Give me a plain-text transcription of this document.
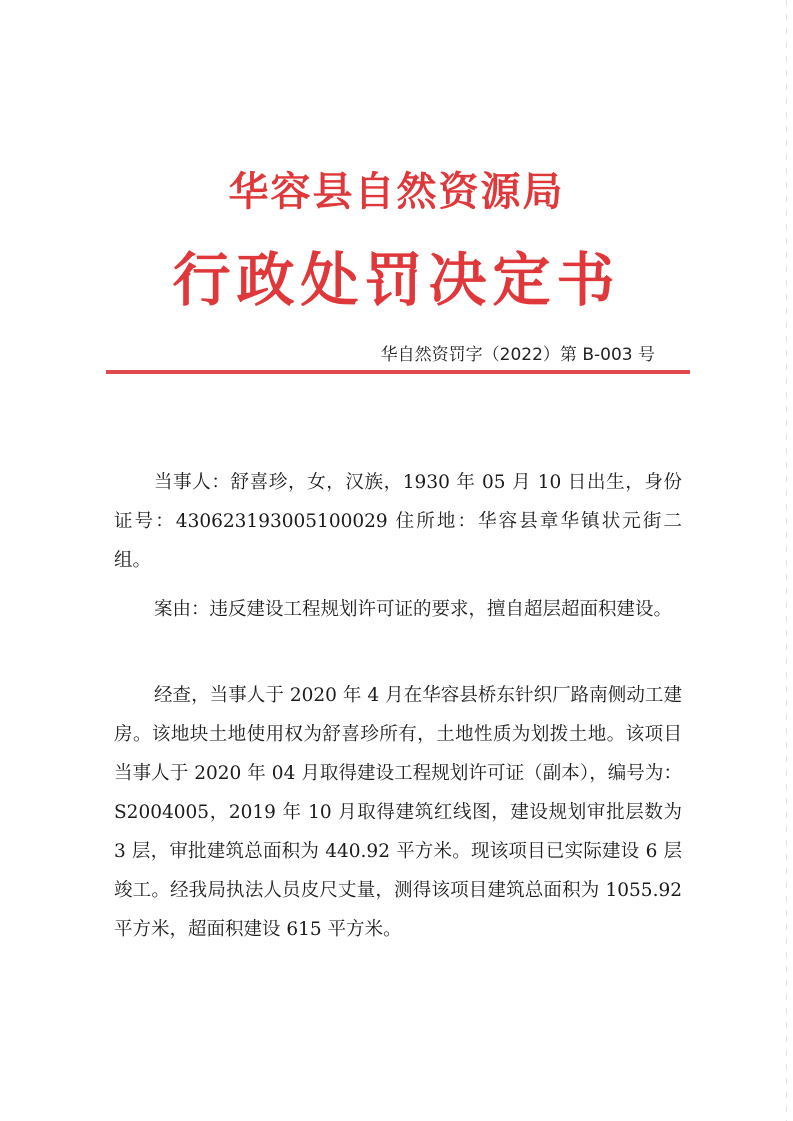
华容县自然资源局
行政处罚决定书
华自然资罚字（2022）第 B-003 号

当事人：舒喜珍，女，汉族，1930 年 05 月 10 日出生，身份证号：430623193005100029 住所地：华容县章华镇状元街二组。

案由：违反建设工程规划许可证的要求，擅自超层超面积建设。

经查，当事人于 2020 年 4 月在华容县桥东针织厂路南侧动工建房。该地块土地使用权为舒喜珍所有，土地性质为划拨土地。该项目当事人于 2020 年 04 月取得建设工程规划许可证（副本），编号为：S2004005，2019 年 10 月取得建筑红线图，建设规划审批层数为 3 层，审批建筑总面积为 440.92 平方米。现该项目已实际建设 6 层竣工。经我局执法人员皮尺丈量，测得该项目建筑总面积为 1055.92 平方米，超面积建设 615 平方米。
